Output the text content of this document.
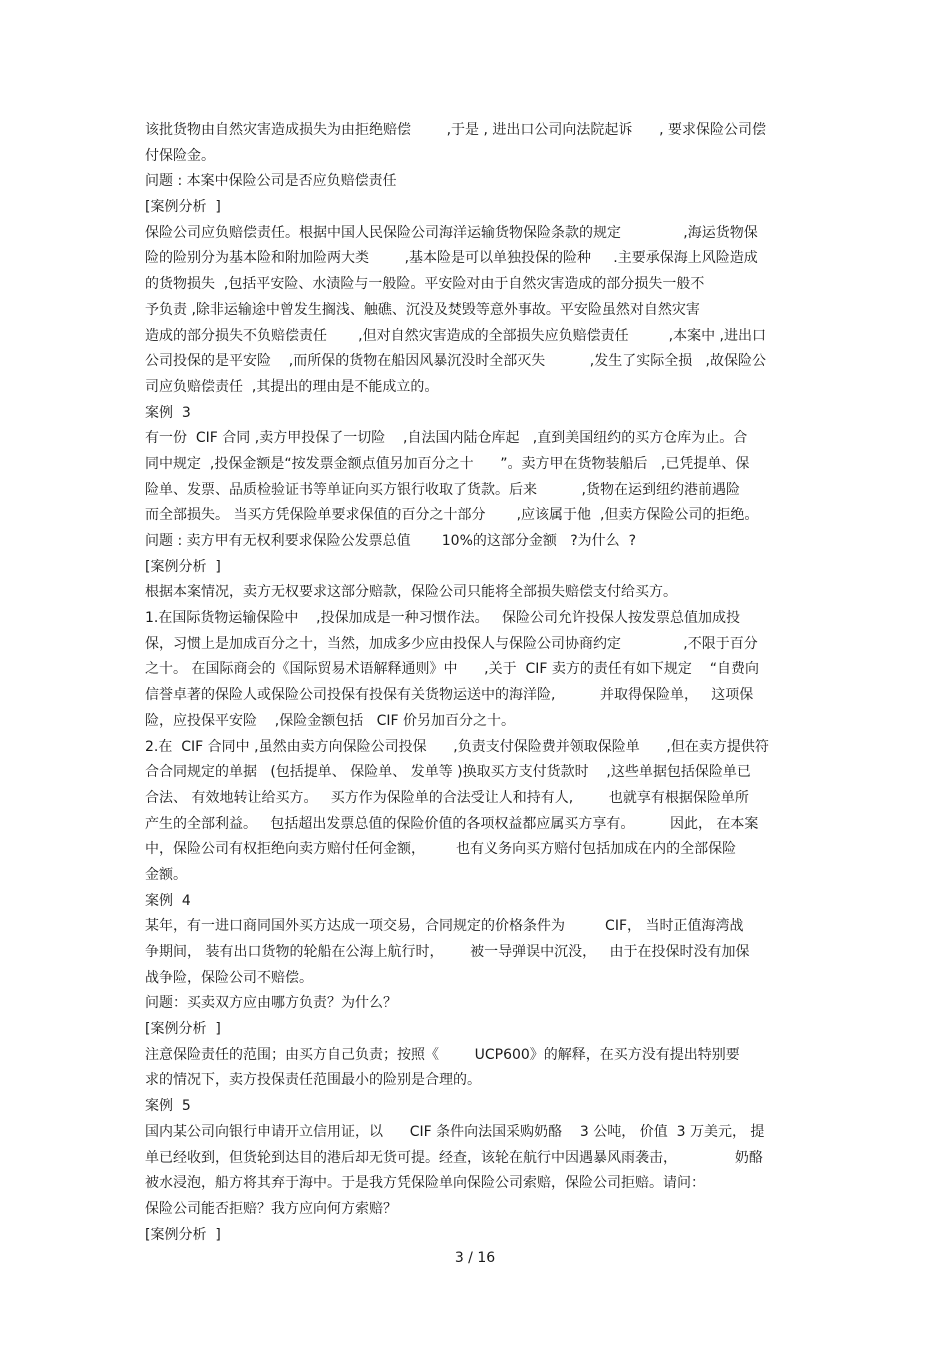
该批货物由自然灾害造成损失为由拒绝赔偿        ,于是 , 进出口公司向法院起诉      , 要求保险公司偿
付保险金。
问题 : 本案中保险公司是否应负赔偿责任
[案例分析  ]
保险公司应负赔偿责任。根据中国人民保险公司海洋运输货物保险条款的规定              ,海运货物保
险的险别分为基本险和附加险两大类        ,基本险是可以单独投保的险种     .主要承保海上风险造成
的货物损失  ,包括平安险、水渍险与一般险。平安险对由于自然灾害造成的部分损失一般不
予负责 ,除非运输途中曾发生搁浅、触礁、沉没及焚毁等意外事故。平安险虽然对自然灾害
造成的部分损失不负赔偿责任       ,但对自然灾害造成的全部损失应负赔偿责任         ,本案中 ,进出口
公司投保的是平安险    ,而所保的货物在船因风暴沉没时全部灭失          ,发生了实际全损   ,故保险公
司应负赔偿责任  ,其提出的理由是不能成立的。
案例  3
有一份  CIF 合同 ,卖方甲投保了一切险    ,自法国内陆仓库起   ,直到美国纽约的买方仓库为止。合
同中规定  ,投保金额是“按发票金额点值另加百分之十      ”。卖方甲在货物装船后   ,已凭提单、保
险单、发票、品质检验证书等单证向买方银行收取了货款。后来          ,货物在运到纽约港前遇险
而全部损失。 当买方凭保险单要求保值的百分之十部分       ,应该属于他  ,但卖方保险公司的拒绝。
问题 : 卖方甲有无权利要求保险公发票总值       10%的这部分金额   ?为什么  ?
[案例分析  ]
根据本案情况，卖方无权要求这部分赔款，保险公司只能将全部损失赔偿支付给买方。
1.在国际货物运输保险中    ,投保加成是一种习惯作法。   保险公司允许投保人按发票总值加成投
保，习惯上是加成百分之十，当然，加成多少应由投保人与保险公司协商约定              ,不限于百分
之十。 在国际商会的《国际贸易术语解释通则》中      ,关于  CIF 卖方的责任有如下规定    “自费向
信誉卓著的保险人或保险公司投保有投保有关货物运送中的海洋险,          并取得保险单，   这项保
险，应投保平安险    ,保险金额包括   CIF 价另加百分之十。
2.在  CIF 合同中 ,虽然由卖方向保险公司投保      ,负责支付保险费并领取保险单      ,但在卖方提供符
合合同规定的单据   (包括提单、 保险单、 发单等 )换取买方支付货款时    ,这些单据包括保险单已
合法、 有效地转让给买方。   买方作为保险单的合法受让人和持有人,        也就享有根据保险单所
产生的全部利益。   包括超出发票总值的保险价值的各项权益都应属买方享有。        因此， 在本案
中，保险公司有权拒绝向卖方赔付任何金额，       也有义务向买方赔付包括加成在内的全部保险
金额。
案例  4
某年，有一进口商同国外买方达成一项交易，合同规定的价格条件为         CIF， 当时正值海湾战
争期间， 装有出口货物的轮船在公海上航行时，      被一导弹误中沉没，   由于在投保时没有加保
战争险，保险公司不赔偿。
问题：买卖双方应由哪方负责？为什么？
[案例分析  ]
注意保险责任的范围；由买方自己负责；按照《        UCP600》的解释，在买方没有提出特别要
求的情况下，卖方投保责任范围最小的险别是合理的。
案例  5
国内某公司向银行申请开立信用证，以      CIF 条件向法国采购奶酪    3 公吨， 价值  3 万美元， 提
单已经收到，但货轮到达目的港后却无货可提。经查，该轮在航行中因遇暴风雨袭击，             奶酪
被水浸泡，船方将其弃于海中。于是我方凭保险单向保险公司索赔，保险公司拒赔。请问：
保险公司能否拒赔？我方应向何方索赔？
[案例分析  ]
3 / 16
